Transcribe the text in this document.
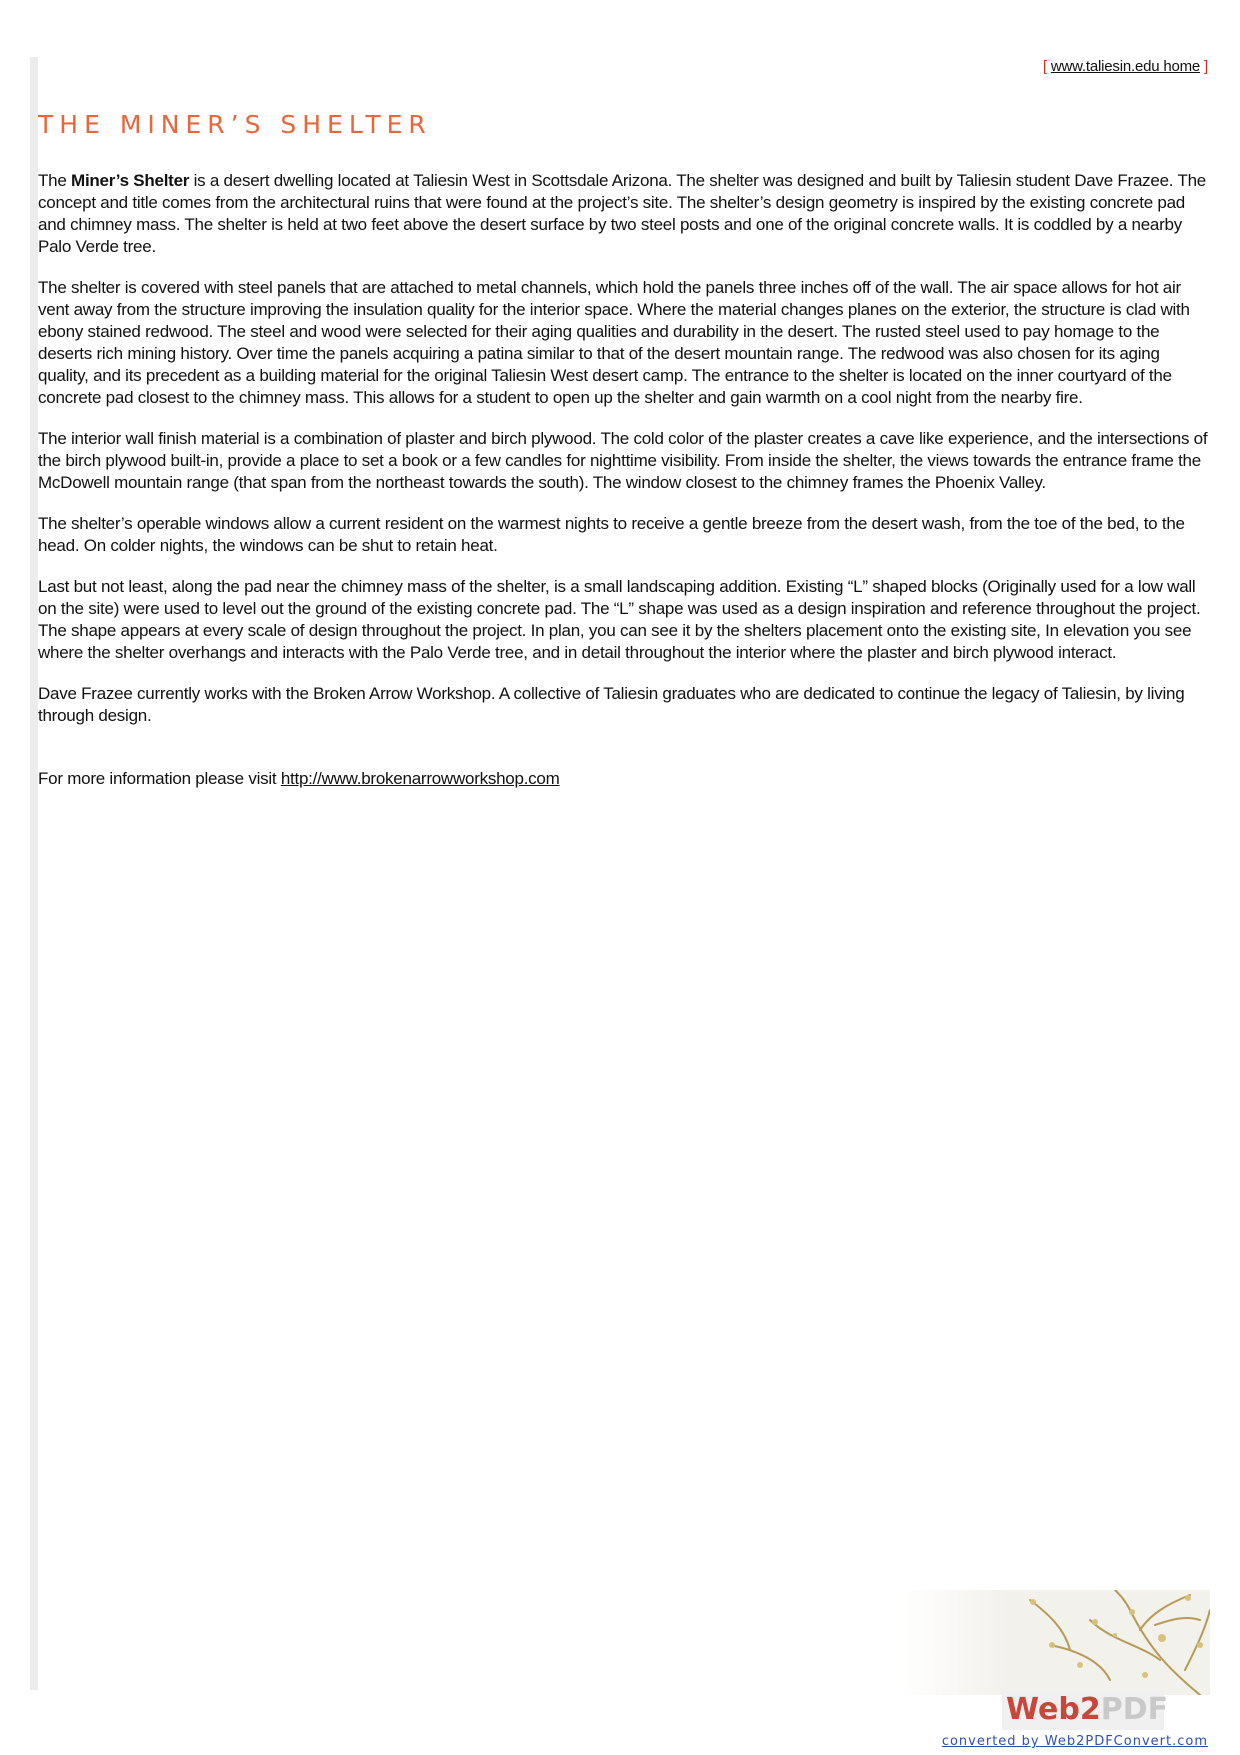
[ www.taliesin.edu home ]
THE MINER’S SHELTER

The Miner’s Shelter is a desert dwelling located at Taliesin West in Scottsdale Arizona. The shelter was designed and built by Taliesin student Dave Frazee. The concept and title comes from the architectural ruins that were found at the project’s site. The shelter’s design geometry is inspired by the existing concrete pad and chimney mass. The shelter is held at two feet above the desert surface by two steel posts and one of the original concrete walls. It is coddled by a nearby Palo Verde tree.

The shelter is covered with steel panels that are attached to metal channels, which hold the panels three inches off of the wall. The air space allows for hot air vent away from the structure improving the insulation quality for the interior space. Where the material changes planes on the exterior, the structure is clad with ebony stained redwood. The steel and wood were selected for their aging qualities and durability in the desert. The rusted steel used to pay homage to the deserts rich mining history. Over time the panels acquiring a patina similar to that of the desert mountain range. The redwood was also chosen for its aging quality, and its precedent as a building material for the original Taliesin West desert camp. The entrance to the shelter is located on the inner courtyard of the concrete pad closest to the chimney mass. This allows for a student to open up the shelter and gain warmth on a cool night from the nearby fire.

The interior wall finish material is a combination of plaster and birch plywood. The cold color of the plaster creates a cave like experience, and the intersections of the birch plywood built-in, provide a place to set a book or a few candles for nighttime visibility. From inside the shelter, the views towards the entrance frame the McDowell mountain range (that span from the northeast towards the south). The window closest to the chimney frames the Phoenix Valley.

The shelter’s operable windows allow a current resident on the warmest nights to receive a gentle breeze from the desert wash, from the toe of the bed, to the head. On colder nights, the windows can be shut to retain heat.

Last but not least, along the pad near the chimney mass of the shelter, is a small landscaping addition. Existing “L” shaped blocks (Originally used for a low wall on the site) were used to level out the ground of the existing concrete pad. The “L” shape was used as a design inspiration and reference throughout the project. The shape appears at every scale of design throughout the project. In plan, you can see it by the shelters placement onto the existing site, In elevation you see where the shelter overhangs and interacts with the Palo Verde tree, and in detail throughout the interior where the plaster and birch plywood interact.

Dave Frazee currently works with the Broken Arrow Workshop. A collective of Taliesin graduates who are dedicated to continue the legacy of Taliesin, by living through design.

For more information please visit http://www.brokenarrowworkshop.com

Web2PDF
converted by Web2PDFConvert.com
